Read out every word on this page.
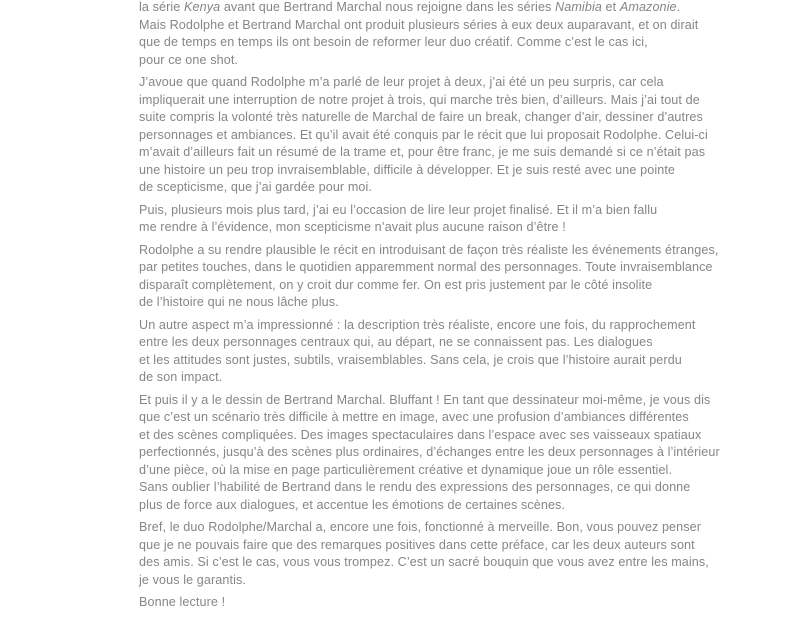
la série Kenya avant que Bertrand Marchal nous rejoigne dans les séries Namibia et Amazonie.
Mais Rodolphe et Bertrand Marchal ont produit plusieurs séries à eux deux auparavant, et on dirait
que de temps en temps ils ont besoin de reformer leur duo créatif. Comme c’est le cas ici,
pour ce one shot.

J’avoue que quand Rodolphe m’a parlé de leur projet à deux, j’ai été un peu surpris, car cela
impliquerait une interruption de notre projet à trois, qui marche très bien, d’ailleurs. Mais j’ai tout de
suite compris la volonté très naturelle de Marchal de faire un break, changer d’air, dessiner d’autres
personnages et ambiances. Et qu’il avait été conquis par le récit que lui proposait Rodolphe. Celui-ci
m’avait d’ailleurs fait un résumé de la trame et, pour être franc, je me suis demandé si ce n’était pas
une histoire un peu trop invraisemblable, difficile à développer. Et je suis resté avec une pointe
de scepticisme, que j’ai gardée pour moi.

Puis, plusieurs mois plus tard, j’ai eu l’occasion de lire leur projet finalisé. Et il m’a bien fallu
me rendre à l’évidence, mon scepticisme n’avait plus aucune raison d’être !

Rodolphe a su rendre plausible le récit en introduisant de façon très réaliste les événements étranges,
par petites touches, dans le quotidien apparemment normal des personnages. Toute invraisemblance
disparaît complètement, on y croit dur comme fer. On est pris justement par le côté insolite
de l’histoire qui ne nous lâche plus.

Un autre aspect m’a impressionné : la description très réaliste, encore une fois, du rapprochement
entre les deux personnages centraux qui, au départ, ne se connaissent pas. Les dialogues
et les attitudes sont justes, subtils, vraisemblables. Sans cela, je crois que l’histoire aurait perdu
de son impact.

Et puis il y a le dessin de Bertrand Marchal. Bluffant ! En tant que dessinateur moi-même, je vous dis
que c’est un scénario très difficile à mettre en image, avec une profusion d’ambiances différentes
et des scènes compliquées. Des images spectaculaires dans l’espace avec ses vaisseaux spatiaux
perfectionnés, jusqu’à des scènes plus ordinaires, d’échanges entre les deux personnages à l’intérieur
d’une pièce, où la mise en page particulièrement créative et dynamique joue un rôle essentiel.
Sans oublier l’habilité de Bertrand dans le rendu des expressions des personnages, ce qui donne
plus de force aux dialogues, et accentue les émotions de certaines scènes.

Bref, le duo Rodolphe/Marchal a, encore une fois, fonctionné à merveille. Bon, vous pouvez penser
que je ne pouvais faire que des remarques positives dans cette préface, car les deux auteurs sont
des amis. Si c’est le cas, vous vous trompez. C’est un sacré bouquin que vous avez entre les mains,
je vous le garantis.

Bonne lecture !
